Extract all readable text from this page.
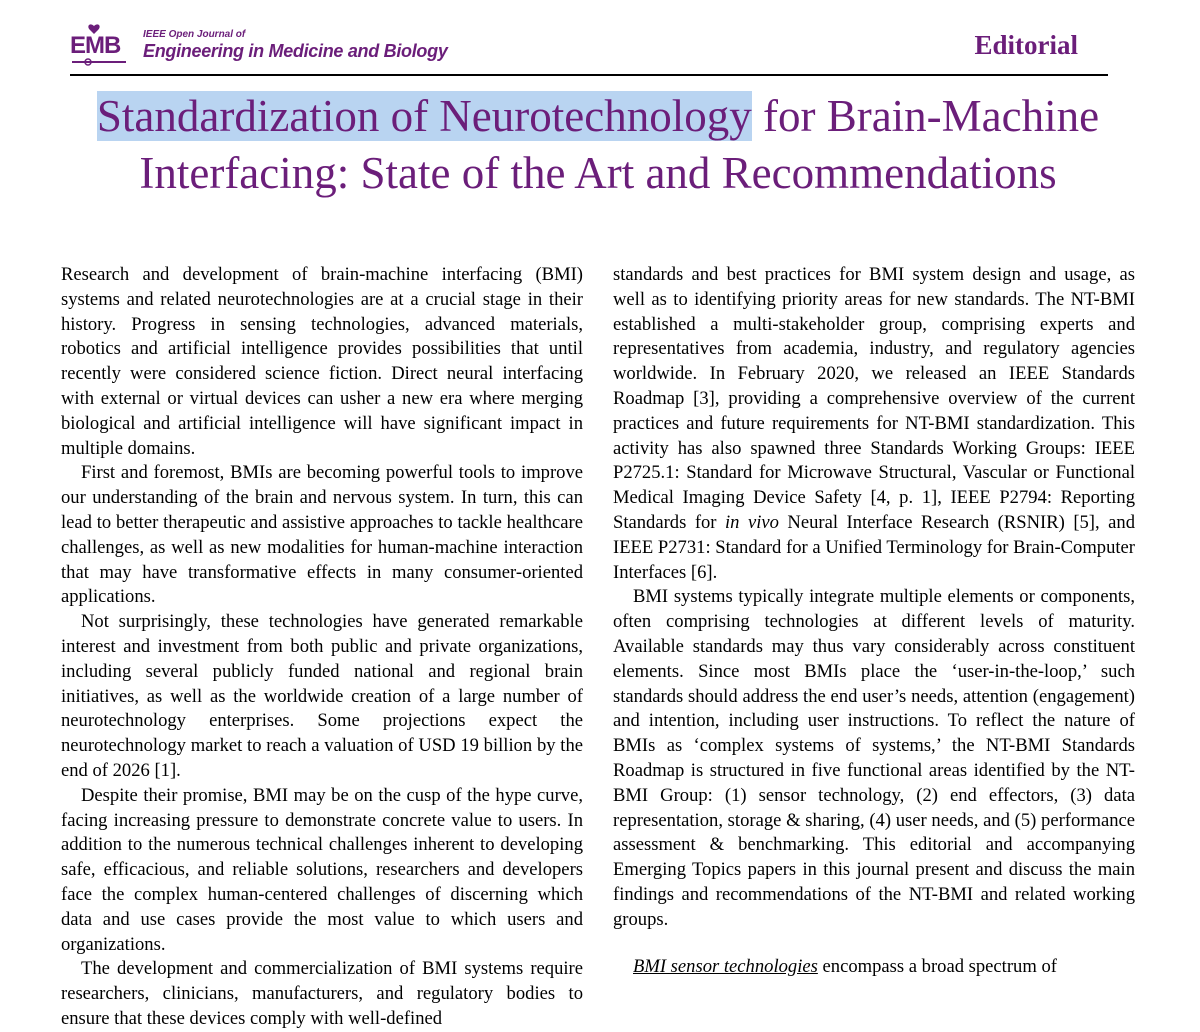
EMB IEEE Open Journal of
Engineering in Medicine and Biology	Editorial
Standardization of Neurotechnology for Brain-Machine Interfacing: State of the Art and Recommendations

Research and development of brain-machine interfacing (BMI) systems and related neurotechnologies are at a crucial stage in their history. Progress in sensing technologies, advanced materials, robotics and artificial intelligence provides possibilities that until recently were considered science fiction. Direct neural interfacing with external or virtual devices can usher a new era where merging biological and artificial intelligence will have significant impact in multiple domains.

First and foremost, BMIs are becoming powerful tools to improve our understanding of the brain and nervous system. In turn, this can lead to better therapeutic and assistive approaches to tackle healthcare challenges, as well as new modalities for human-machine interaction that may have transformative effects in many consumer-oriented applications.

Not surprisingly, these technologies have generated remarkable interest and investment from both public and private organizations, including several publicly funded national and regional brain initiatives, as well as the worldwide creation of a large number of neurotechnology enterprises. Some projections expect the neurotechnology market to reach a valuation of USD 19 billion by the end of 2026 [1].

Despite their promise, BMI may be on the cusp of the hype curve, facing increasing pressure to demonstrate concrete value to users. In addition to the numerous technical challenges inherent to developing safe, efficacious, and reliable solutions, researchers and developers face the complex human-centered challenges of discerning which data and use cases provide the most value to which users and organizations.

The development and commercialization of BMI systems require researchers, clinicians, manufacturers, and regulatory bodies to ensure that these devices comply with well-defined

standards and best practices for BMI system design and usage, as well as to identifying priority areas for new standards. The NT-BMI established a multi-stakeholder group, comprising experts and representatives from academia, industry, and regulatory agencies worldwide. In February 2020, we released an IEEE Standards Roadmap [3], providing a comprehensive overview of the current practices and future requirements for NT-BMI standardization. This activity has also spawned three Standards Working Groups: IEEE P2725.1: Standard for Microwave Structural, Vascular or Functional Medical Imaging Device Safety [4, p. 1], IEEE P2794: Reporting Standards for in vivo Neural Interface Research (RSNIR) [5], and IEEE P2731: Standard for a Unified Terminology for Brain-Computer Interfaces [6].

BMI systems typically integrate multiple elements or components, often comprising technologies at different levels of maturity. Available standards may thus vary considerably across constituent elements. Since most BMIs place the ‘user-in-the-loop,’ such standards should address the end user’s needs, attention (engagement) and intention, including user instructions. To reflect the nature of BMIs as ‘complex systems of systems,’ the NT-BMI Standards Roadmap is structured in five functional areas identified by the NT-BMI Group: (1) sensor technology, (2) end effectors, (3) data representation, storage & sharing, (4) user needs, and (5) performance assessment & benchmarking. This editorial and accompanying Emerging Topics papers in this journal present and discuss the main findings and recommendations of the NT-BMI and related working groups.

BMI sensor technologies encompass a broad spectrum of
